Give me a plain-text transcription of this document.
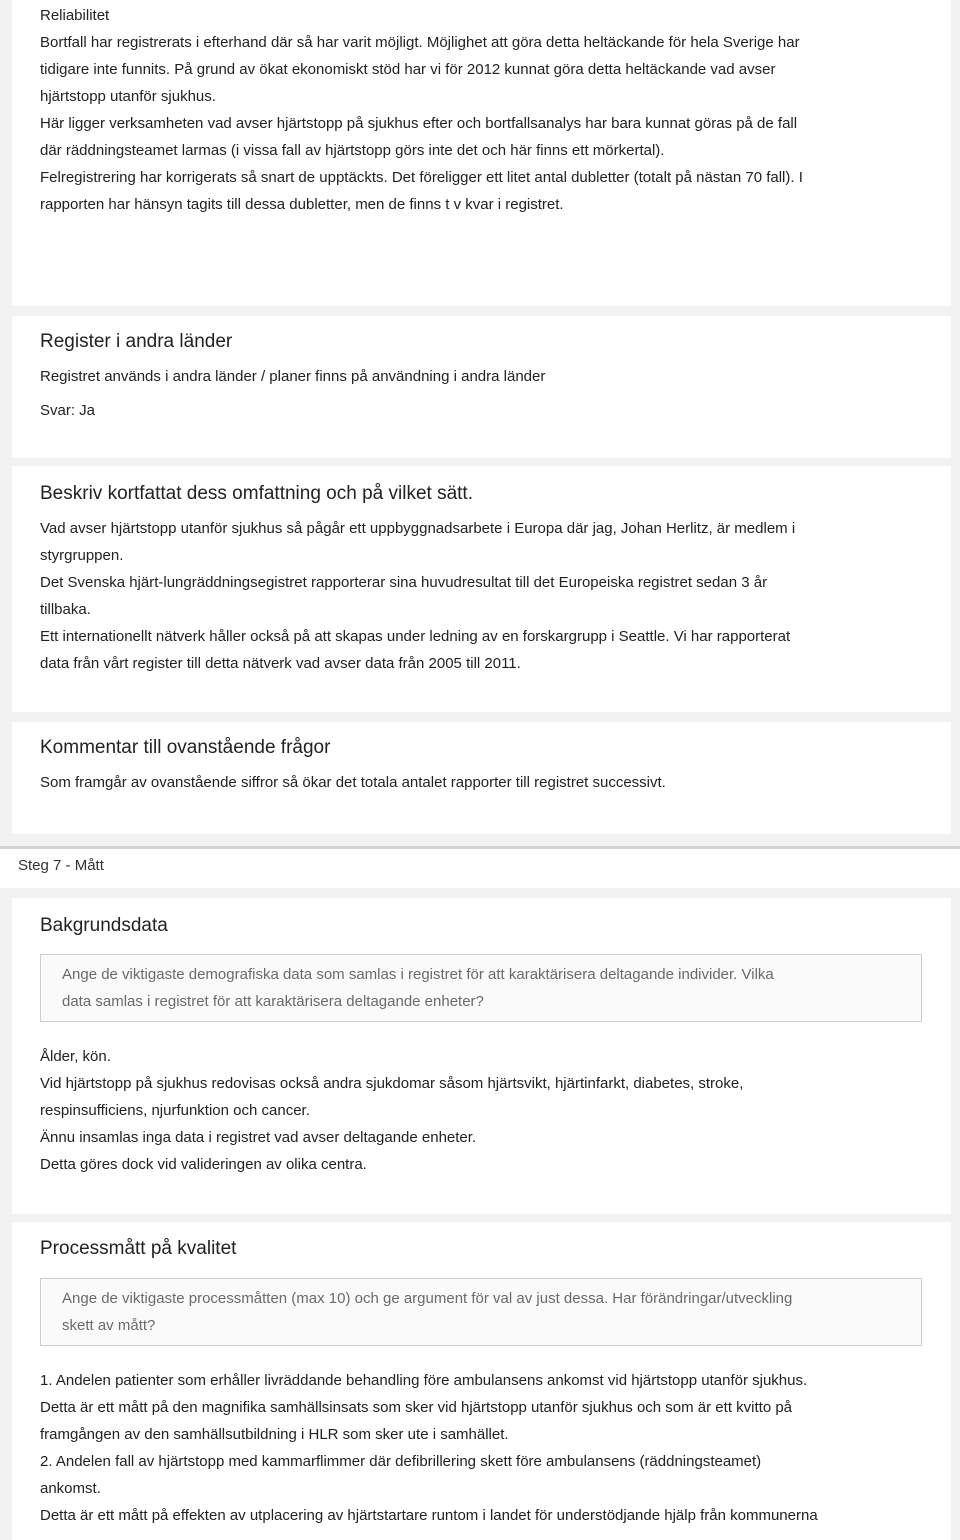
Reliabilitet

Bortfall har registrerats i efterhand där så har varit möjligt. Möjlighet att göra detta heltäckande för hela Sverige har
tidigare inte funnits. På grund av ökat ekonomiskt stöd har vi för 2012 kunnat göra detta heltäckande vad avser
hjärtstopp utanför sjukhus.
Här ligger verksamheten vad avser hjärtstopp på sjukhus efter och bortfallsanalys har bara kunnat göras på de fall
där räddningsteamet larmas (i vissa fall av hjärtstopp görs inte det och här finns ett mörkertal).
Felregistrering har korrigerats så snart de upptäckts. Det föreligger ett litet antal dubletter (totalt på nästan 70 fall). I
rapporten har hänsyn tagits till dessa dubletter, men de finns t v kvar i registret.
Register i andra länder

Registret används i andra länder / planer finns på användning i andra länder

Svar: Ja

Beskriv kortfattat dess omfattning och på vilket sätt.
Vad avser hjärtstopp utanför sjukhus så pågår ett uppbyggnadsarbete i Europa där jag, Johan Herlitz, är medlem i
styrgruppen.
Det Svenska hjärt-lungräddningsegistret rapporterar sina huvudresultat till det Europeiska registret sedan 3 år
tillbaka.
Ett internationellt nätverk håller också på att skapas under ledning av en forskargrupp i Seattle. Vi har rapporterat
data från vårt register till detta nätverk vad avser data från 2005 till 2011.
Kommentar till ovanstående frågor

Som framgår av ovanstående siffror så ökar det totala antalet rapporter till registret successivt.

Steg 7 - Mått
Bakgrundsdata
Ange de viktigaste demografiska data som samlas i registret för att karaktärisera deltagande individer. Vilka
data samlas i registret för att karaktärisera deltagande enheter?
Ålder, kön.
Vid hjärtstopp på sjukhus redovisas också andra sjukdomar såsom hjärtsvikt, hjärtinfarkt, diabetes, stroke,
respinsufficiens, njurfunktion och cancer.
Ännu insamlas inga data i registret vad avser deltagande enheter.
Detta göres dock vid valideringen av olika centra.
Processmått på kvalitet
Ange de viktigaste processmåtten (max 10) och ge argument för val av just dessa. Har förändringar/utveckling
skett av mått?
1. Andelen patienter som erhåller livräddande behandling före ambulansens ankomst vid hjärtstopp utanför sjukhus.
Detta är ett mått på den magnifika samhällsinsats som sker vid hjärtstopp utanför sjukhus och som är ett kvitto på
framgången av den samhällsutbildning i HLR som sker ute i samhället.
2. Andelen fall av hjärtstopp med kammarflimmer där defibrillering skett före ambulansens (räddningsteamet)
ankomst.
Detta är ett mått på effekten av utplacering av hjärtstartare runtom i landet för understödjande hjälp från kommunerna
